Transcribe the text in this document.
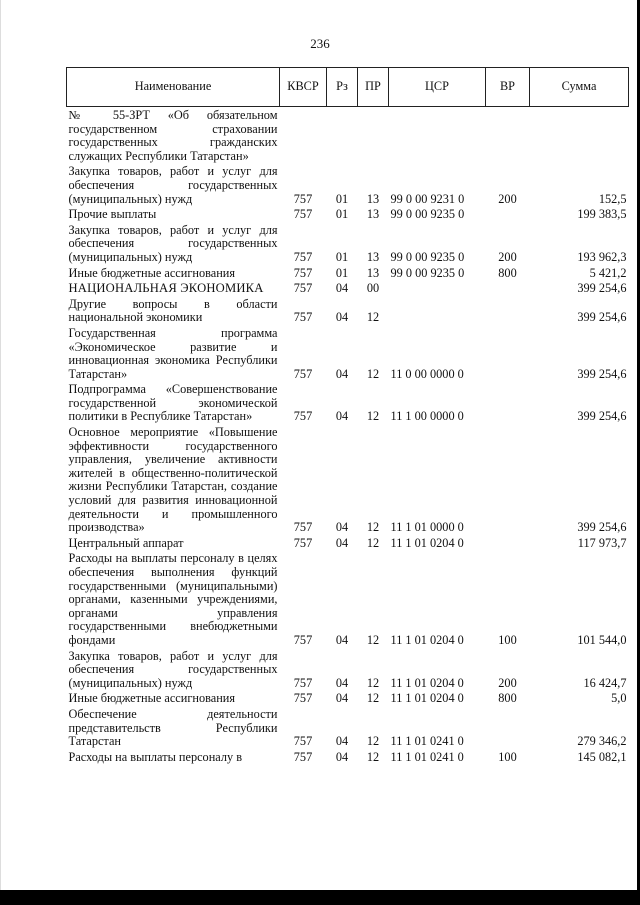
236
Наименование	КВСР	Рз	ПР	ЦСР	ВР	Сумма
№ 55-ЗРТ «Об обязательном государственном страховании государственных гражданских служащих Республики Татарстан»						
Закупка товаров, работ и услуг для обеспечения государственных (муниципальных) нужд	757	01	13	99 0 00 9231 0	200	152,5
Прочие выплаты	757	01	13	99 0 00 9235 0		199 383,5
Закупка товаров, работ и услуг для обеспечения государственных (муниципальных) нужд	757	01	13	99 0 00 9235 0	200	193 962,3
Иные бюджетные ассигнования	757	01	13	99 0 00 9235 0	800	5 421,2
НАЦИОНАЛЬНАЯ ЭКОНОМИКА	757	04	00			399 254,6
Другие вопросы в области национальной экономики	757	04	12			399 254,6
Государственная программа «Экономическое развитие и инновационная экономика Республики Татарстан»	757	04	12	11 0 00 0000 0		399 254,6
Подпрограмма «Совершенствование государственной экономической политики в Республике Татарстан»	757	04	12	11 1 00 0000 0		399 254,6
Основное мероприятие «Повышение эффективности государственного управления, увеличение активности жителей в общественно-политической жизни Республики Татарстан, создание условий для развития инновационной деятельности и промышленного производства»	757	04	12	11 1 01 0000 0		399 254,6
Центральный аппарат	757	04	12	11 1 01 0204 0		117 973,7
Расходы на выплаты персоналу в целях обеспечения выполнения функций государственными (муниципальными) органами, казенными учреждениями, органами управления государственными внебюджетными фондами	757	04	12	11 1 01 0204 0	100	101 544,0
Закупка товаров, работ и услуг для обеспечения государственных (муниципальных) нужд	757	04	12	11 1 01 0204 0	200	16 424,7
Иные бюджетные ассигнования	757	04	12	11 1 01 0204 0	800	5,0
Обеспечение деятельности представительств Республики Татарстан	757	04	12	11 1 01 0241 0		279 346,2
Расходы на выплаты персоналу в	757	04	12	11 1 01 0241 0	100	145 082,1
